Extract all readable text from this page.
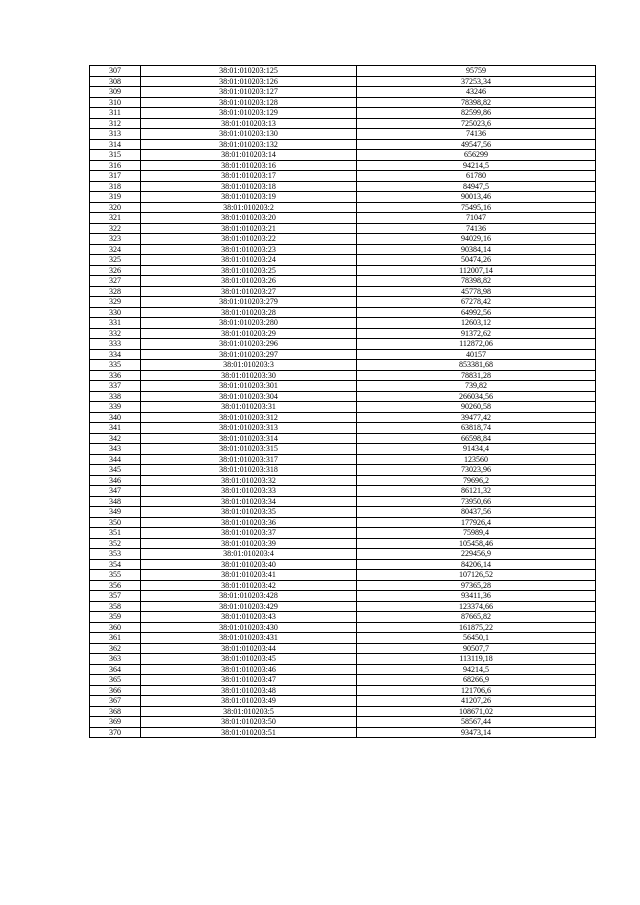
307	38:01:010203:125	95759
308	38:01:010203:126	37253,34
309	38:01:010203:127	43246
310	38:01:010203:128	78398,82
311	38:01:010203:129	82599,86
312	38:01:010203:13	725023,6
313	38:01:010203:130	74136
314	38:01:010203:132	49547,56
315	38:01:010203:14	656299
316	38:01:010203:16	94214,5
317	38:01:010203:17	61780
318	38:01:010203:18	84947,5
319	38:01:010203:19	90013,46
320	38:01:010203:2	75495,16
321	38:01:010203:20	71047
322	38:01:010203:21	74136
323	38:01:010203:22	94029,16
324	38:01:010203:23	90384,14
325	38:01:010203:24	50474,26
326	38:01:010203:25	112007,14
327	38:01:010203:26	78398,82
328	38:01:010203:27	45778,98
329	38:01:010203:279	67278,42
330	38:01:010203:28	64992,56
331	38:01:010203:280	12603,12
332	38:01:010203:29	91372,62
333	38:01:010203:296	112872,06
334	38:01:010203:297	40157
335	38:01:010203:3	853381,68
336	38:01:010203:30	78831,28
337	38:01:010203:301	739,82
338	38:01:010203:304	266034,56
339	38:01:010203:31	90260,58
340	38:01:010203:312	39477,42
341	38:01:010203:313	63818,74
342	38:01:010203:314	66598,84
343	38:01:010203:315	91434,4
344	38:01:010203:317	123560
345	38:01:010203:318	73023,96
346	38:01:010203:32	79696,2
347	38:01:010203:33	86121,32
348	38:01:010203:34	73950,66
349	38:01:010203:35	80437,56
350	38:01:010203:36	177926,4
351	38:01:010203:37	75989,4
352	38:01:010203:39	105458,46
353	38:01:010203:4	229456,9
354	38:01:010203:40	84206,14
355	38:01:010203:41	107126,52
356	38:01:010203:42	97365,28
357	38:01:010203:428	93411,36
358	38:01:010203:429	123374,66
359	38:01:010203:43	87665,82
360	38:01:010203:430	161875,22
361	38:01:010203:431	56450,1
362	38:01:010203:44	90507,7
363	38:01:010203:45	113119,18
364	38:01:010203:46	94214,5
365	38:01:010203:47	68266,9
366	38:01:010203:48	121706,6
367	38:01:010203:49	41207,26
368	38:01:010203:5	108671,02
369	38:01:010203:50	58567,44
370	38:01:010203:51	93473,14
